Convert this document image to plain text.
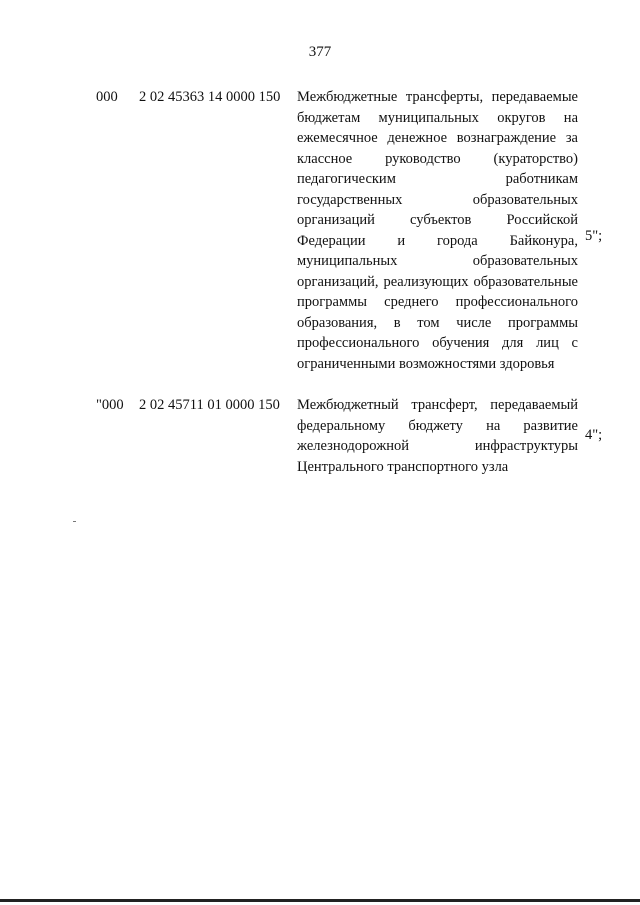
377
000 2 02 45363 14 0000 150 Межбюджетные трансферты, передаваемые бюджетам муниципальных округов на ежемесячное денежное вознаграждение за классное руководство (кураторство) педагогическим работникам государственных образовательных организаций субъектов Российской Федерации и города Байконура, муниципальных образовательных организаций, реализующих образовательные программы среднего профессионального образования, в том числе программы профессионального обучения для лиц с ограниченными возможностями здоровья
5";
"000 2 02 45711 01 0000 150 Межбюджетный трансферт, передаваемый федеральному бюджету на развитие железнодорожной инфраструктуры Центрального транспортного узла
4";
